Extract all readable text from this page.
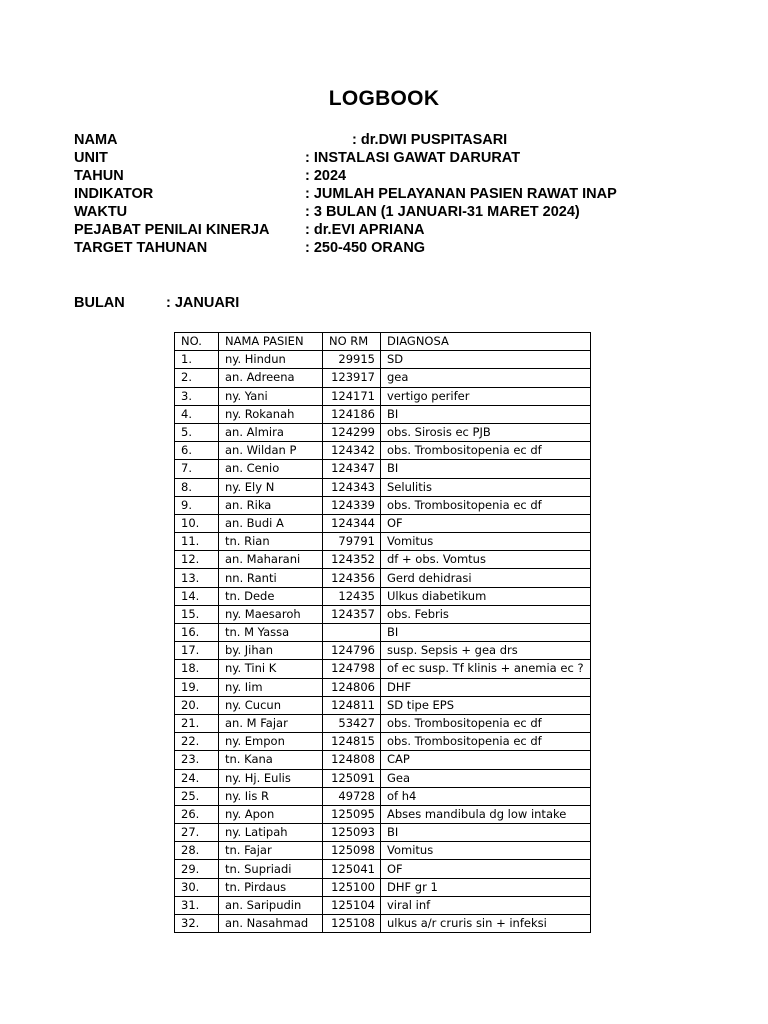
LOGBOOK
NAMA	: dr.DWI PUSPITASARI
UNIT	: INSTALASI GAWAT DARURAT
TAHUN	: 2024
INDIKATOR	: JUMLAH PELAYANAN PASIEN RAWAT INAP
WAKTU	: 3 BULAN (1 JANUARI-31 MARET 2024)
PEJABAT PENILAI KINERJA : dr.EVI APRIANA
TARGET TAHUNAN	: 250-450 ORANG
BULAN	: JANUARI
NO.	NAMA PASIEN	NO RM	DIAGNOSA
1.	ny. Hindun	29915	SD
2.	an. Adreena	123917	gea
3.	ny. Yani	124171	vertigo perifer
4.	ny. Rokanah	124186	BI
5.	an. Almira	124299	obs. Sirosis ec PJB
6.	an. Wildan P	124342	obs. Trombositopenia ec df
7.	an. Cenio	124347	BI
8.	ny. Ely N	124343	Selulitis
9.	an. Rika	124339	obs. Trombositopenia ec df
10.	an. Budi A	124344	OF
11.	tn. Rian	79791	Vomitus
12.	an. Maharani	124352	df + obs. Vomtus
13.	nn. Ranti	124356	Gerd dehidrasi
14.	tn. Dede	12435	Ulkus diabetikum
15.	ny. Maesaroh	124357	obs. Febris
16.	tn. M Yassa		BI
17.	by. Jihan	124796	susp. Sepsis + gea drs
18.	ny. Tini K	124798	of ec susp. Tf klinis + anemia ec ?
19.	ny. Iim	124806	DHF
20.	ny. Cucun	124811	SD tipe EPS
21.	an. M Fajar	53427	obs. Trombositopenia ec df
22.	ny. Empon	124815	obs. Trombositopenia ec df
23.	tn. Kana	124808	CAP
24.	ny. Hj. Eulis	125091	Gea
25.	ny. Iis R	49728	of h4
26.	ny. Apon	125095	Abses mandibula dg low intake
27.	ny. Latipah	125093	BI
28.	tn. Fajar	125098	Vomitus
29.	tn. Supriadi	125041	OF
30.	tn. Pirdaus	125100	DHF gr 1
31.	an. Saripudin	125104	viral inf
32.	an. Nasahmad	125108	ulkus a/r cruris sin + infeksi
